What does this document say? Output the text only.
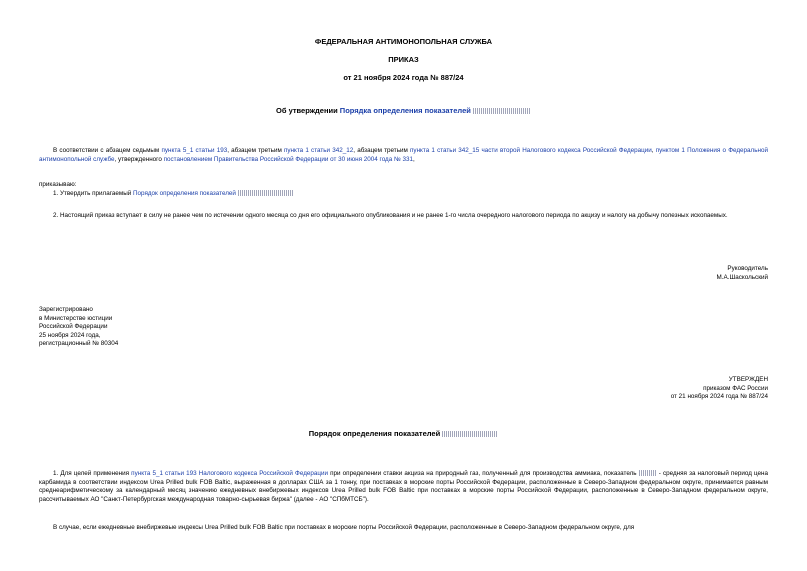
ФЕДЕРАЛЬНАЯ АНТИМОНОПОЛЬНАЯ СЛУЖБА
ПРИКАЗ
от 21 ноября 2024 года № 887/24
Об утверждении Порядка определения показателей
В соответствии с абзацем седьмым пункта 5_1 статьи 193, абзацем третьим пункта 1 статьи 342_12, абзацем третьим пункта 1 статьи 342_15 части второй Налогового кодекса Российской Федерации, пунктом 1 Положения о Федеральной антимонопольной службе, утвержденного постановлением Правительства Российской Федерации от 30 июня 2004 года № 331,
приказываю:
1. Утвердить прилагаемый Порядок определения показателей
2. Настоящий приказ вступает в силу не ранее чем по истечении одного месяца со дня его официального опубликования и не ранее 1-го числа очередного налогового периода по акцизу и налогу на добычу полезных ископаемых.
Руководитель
М.А.Шаскольский
Зарегистрировано
в Министерстве юстиции
Российской Федерации
25 ноября 2024 года,
регистрационный № 80304
УТВЕРЖДЕН
приказом ФАС России
от 21 ноября 2024 года № 887/24
Порядок определения показателей
1. Для целей применения пункта 5_1 статьи 193 Налогового кодекса Российской Федерации при определении ставки акциза на природный газ, полученный для производства аммиака, показатель	- средняя за налоговый период цена карбамида в соответствии индексом Urea Prilled bulk FOB Baltic, выраженная в долларах США за 1 тонну, при поставках в морские порты Российской Федерации, расположенные в Северо-Западном федеральном округе, принимается равным среднеарифметическому за календарный месяц значению ежедневных внебиржевых индексов Urea Prilled bulk FOB Baltic при поставках в морские порты Российской Федерации, расположенные в Северо-Западном федеральном округе, рассчитываемых АО "Санкт-Петербургская международная товарно-сырьевая биржа" (далее - АО "СПбМТСБ").
В случае, если ежедневные внебиржевые индексы Urea Prilled bulk FOB Baltic при поставках в морские порты Российской Федерации, расположенные в Северо-Западном федеральном округе, для
